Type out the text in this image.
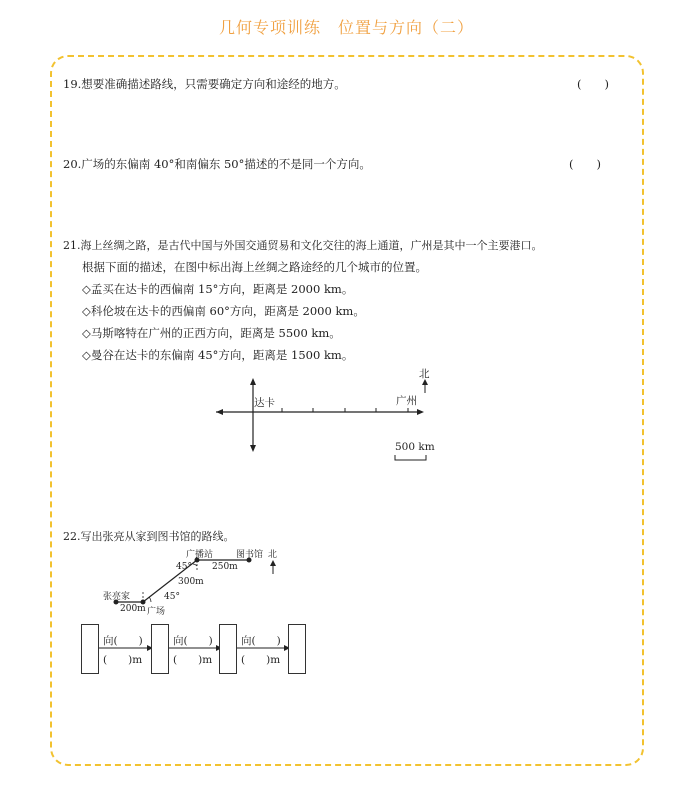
几何专项训练　位置与方向（二）
19.想要准确描述路线，只需要确定方向和途经的地方。	(　　)
20.广场的东偏南 40°和南偏东 50°描述的不是同一个方向。	(　　)
21.海上丝绸之路，是古代中国与外国交通贸易和文化交往的海上通道，广州是其中一个主要港口。
根据下面的描述，在图中标出海上丝绸之路途经的几个城市的位置。
◇孟买在达卡的西偏南 15°方向，距离是 2000 km。
◇科伦坡在达卡的西偏南 60°方向，距离是 2000 km。
◇马斯喀特在广州的正西方向，距离是 5500 km。
◇曼谷在达卡的东偏南 45°方向，距离是 1500 km。
北
达卡	广州
500 km
22.写出张亮从家到图书馆的路线。
广播站	图书馆 北
45° 250m
300m
张亮家	45°
200m 广场
向(　　)
(　　)m
向(　　)
(　　)m
向(　　)
(　　)m
